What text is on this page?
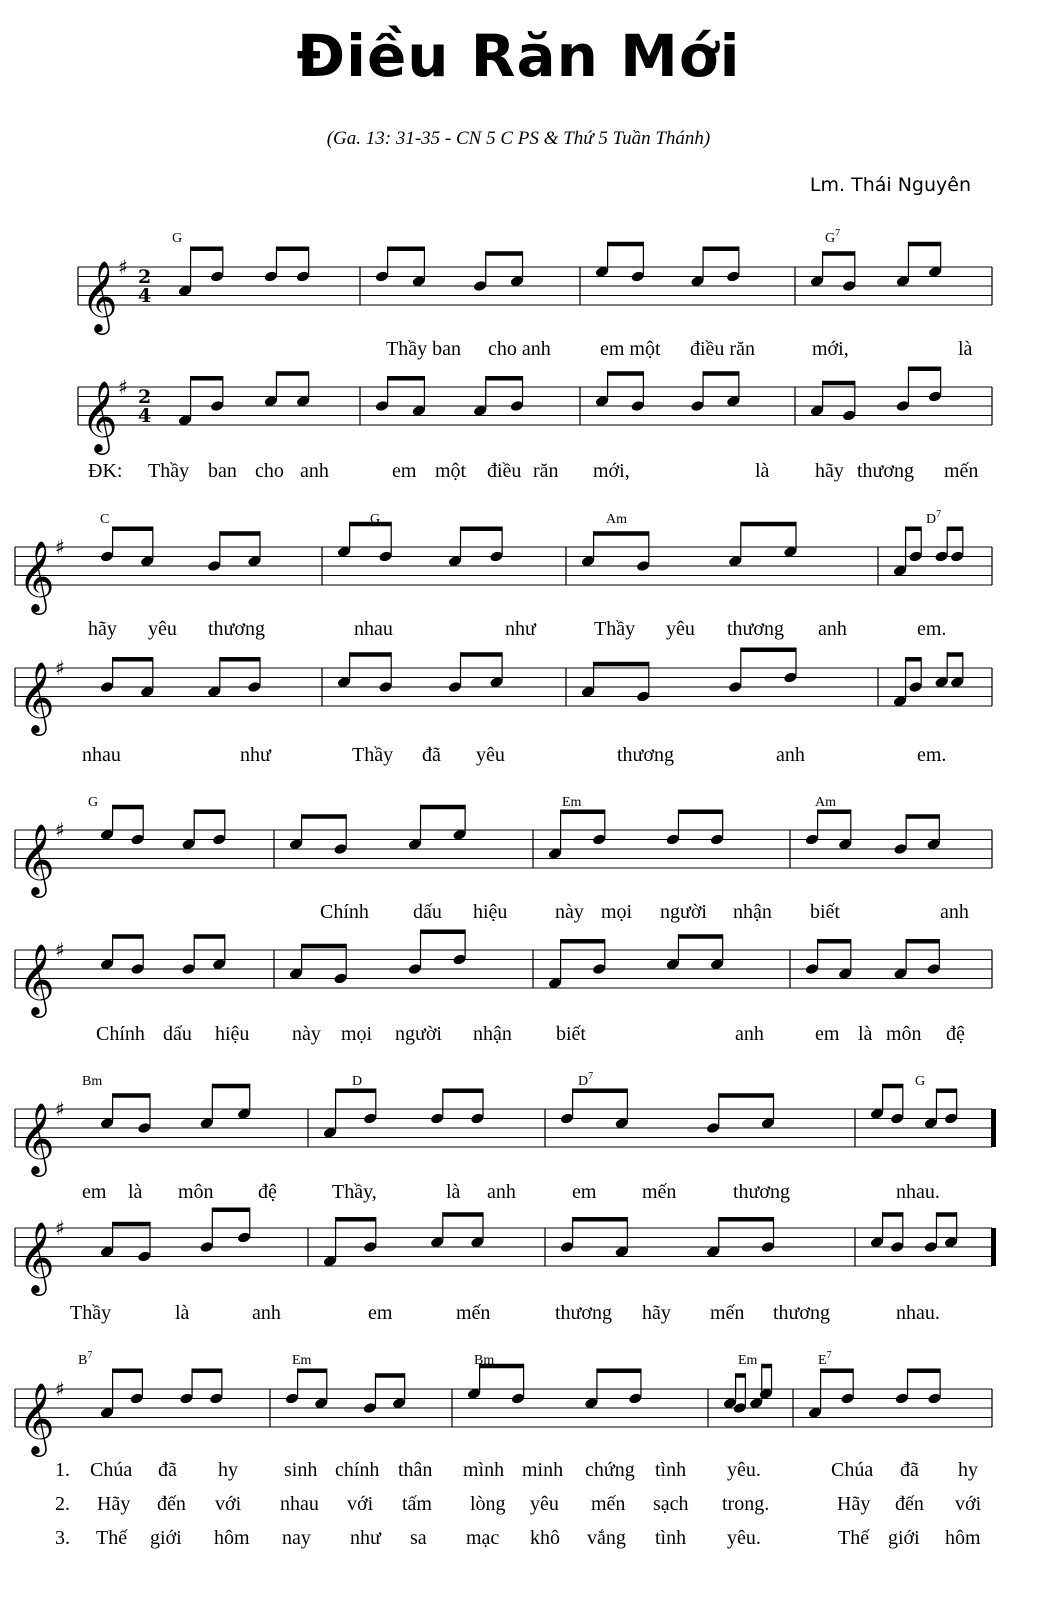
Điều Răn Mới
(Ga. 13: 31-35 - CN 5 C PS & Thứ 5 Tuần Thánh)
Lm. Thái Nguyên
𝄞 ♯ 2
4
𝄞 ♯ 2
4
G	$G^7$
Thầy ban cho anh em một điều răn	mới,	là
ĐK: Thầy ban cho anh	em một điều răn mới,	là hãy thương mến
𝄞 ♯
𝄞 ♯
C	G	Am	$D^7$
hãy yêu thương	nhau	như	Thầy yêu thương anh	em.
nhau	như	Thầy đã yêu	thương	anh	em.
𝄞 ♯
𝄞 ♯
G	Em	Am
Chính dấu hiệu này mọi người nhận biết	anh
Chính dấu hiệu này mọi người nhận biết	anh	em là môn đệ
𝄞 ♯
𝄞 ♯
Bm	D	$D^7$	G
em là môn đệ	Thầy,	là anh	em mến	thương	nhau.
Thầy	là	anh	em	mến	thương hãy mến thương	nhau.
𝄞 ♯
$B^7$	Em	Bm	Em	$E^7$
1. Chúa đã hy sinh chính thân mình minh chứng tình yêu.	Chúa đã hy
2. Hãy đến với nhau với tấm lòng yêu mến sạch trong.	Hãy đến với
3. Thế giới hôm nay như sa mạc khô vắng tình yêu.	Thế giới hôm
